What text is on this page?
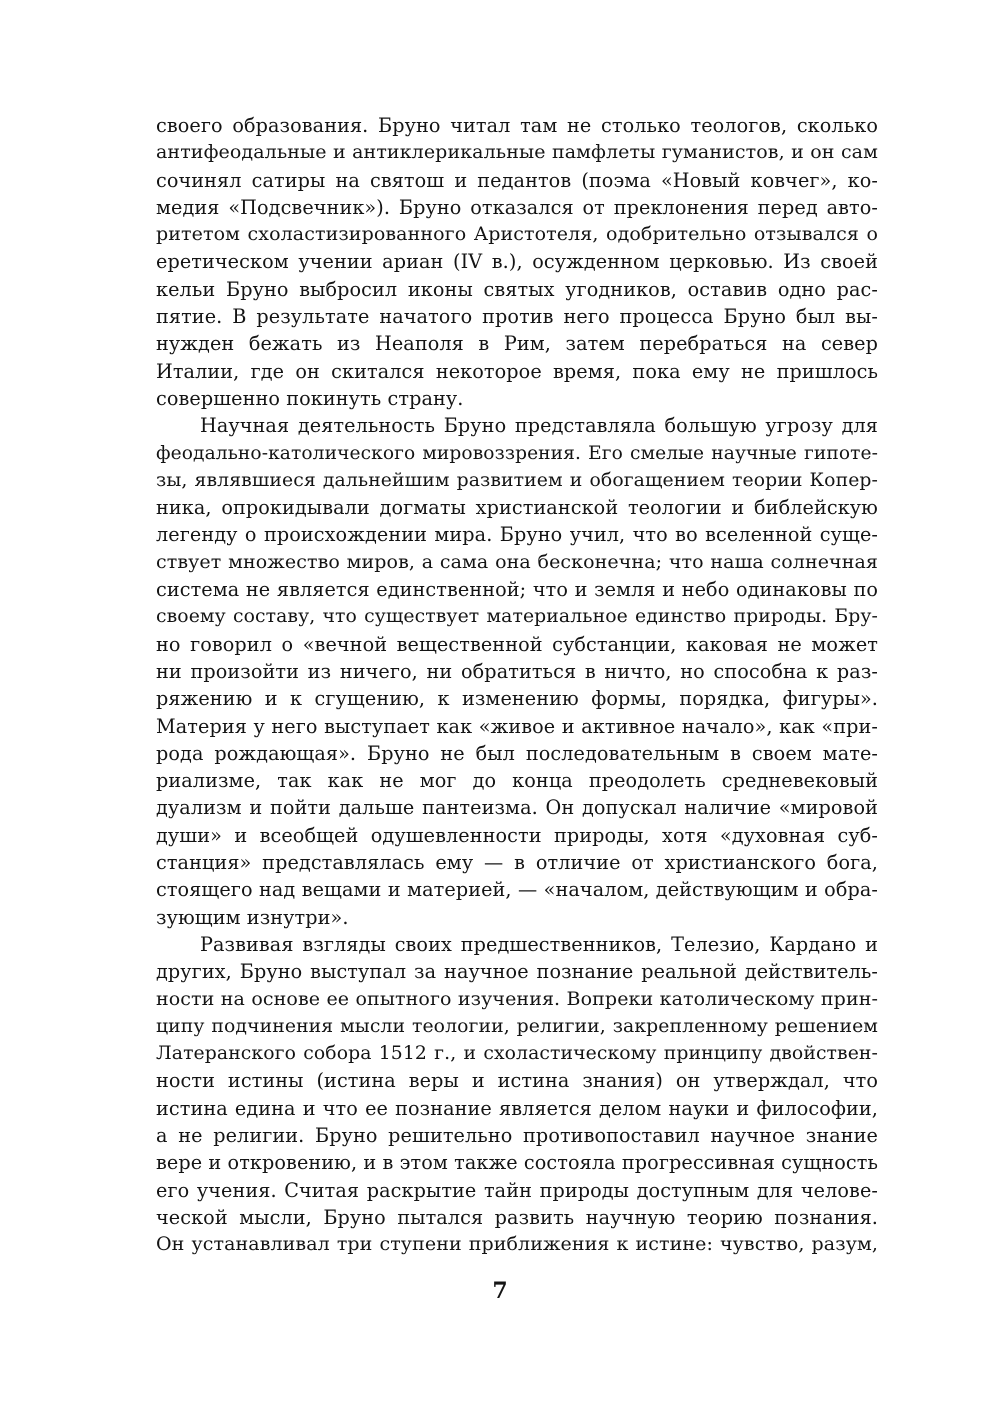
своего образования. Бруно читал там не столько теологов, сколько
антифеодальные и антиклерикальные памфлеты гуманистов, и он сам
сочинял сатиры на святош и педантов (поэма «Новый ковчег», ко-
медия «Подсвечник»). Бруно отказался от преклонения перед авто-
ритетом схоластизированного Аристотеля, одобрительно отзывался о
еретическом учении ариан (IV в.), осужденном церковью. Из своей
кельи Бруно выбросил иконы святых угодников, оставив одно рас-
пятие. В результате начатого против него процесса Бруно был вы-
нужден бежать из Неаполя в Рим, затем перебраться на север
Италии, где он скитался некоторое время, пока ему не пришлось
совершенно покинуть страну.
Научная деятельность Бруно представляла большую угрозу для
феодально-католического мировоззрения. Его смелые научные гипоте-
зы, являвшиеся дальнейшим развитием и обогащением теории Копер-
ника, опрокидывали догматы христианской теологии и библейскую
легенду о происхождении мира. Бруно учил, что во вселенной суще-
ствует множество миров, а сама она бесконечна; что наша солнечная
система не является единственной; что и земля и небо одинаковы по
своему составу, что существует материальное единство природы. Бру-
но говорил о «вечной вещественной субстанции, каковая не может
ни произойти из ничего, ни обратиться в ничто, но способна к раз-
ряжению и к сгущению, к изменению формы, порядка, фигуры».
Материя у него выступает как «живое и активное начало», как «при-
рода рождающая». Бруно не был последовательным в своем мате-
риализме, так как не мог до конца преодолеть средневековый
дуализм и пойти дальше пантеизма. Он допускал наличие «мировой
души» и всеобщей одушевленности природы, хотя «духовная суб-
станция» представлялась ему — в отличие от христианского бога,
стоящего над вещами и материей, — «началом, действующим и обра-
зующим изнутри».
Развивая взгляды своих предшественников, Телезио, Кардано и
других, Бруно выступал за научное познание реальной действитель-
ности на основе ее опытного изучения. Вопреки католическому прин-
ципу подчинения мысли теологии, религии, закрепленному решением
Латеранского собора 1512 г., и схоластическому принципу двойствен-
ности истины (истина веры и истина знания) он утверждал, что
истина едина и что ее познание является делом науки и философии,
а не религии. Бруно решительно противопоставил научное знание
вере и откровению, и в этом также состояла прогрессивная сущность
его учения. Считая раскрытие тайн природы доступным для челове-
ческой мысли, Бруно пытался развить научную теорию познания.
Он устанавливал три ступени приближения к истине: чувство, разум,
7
